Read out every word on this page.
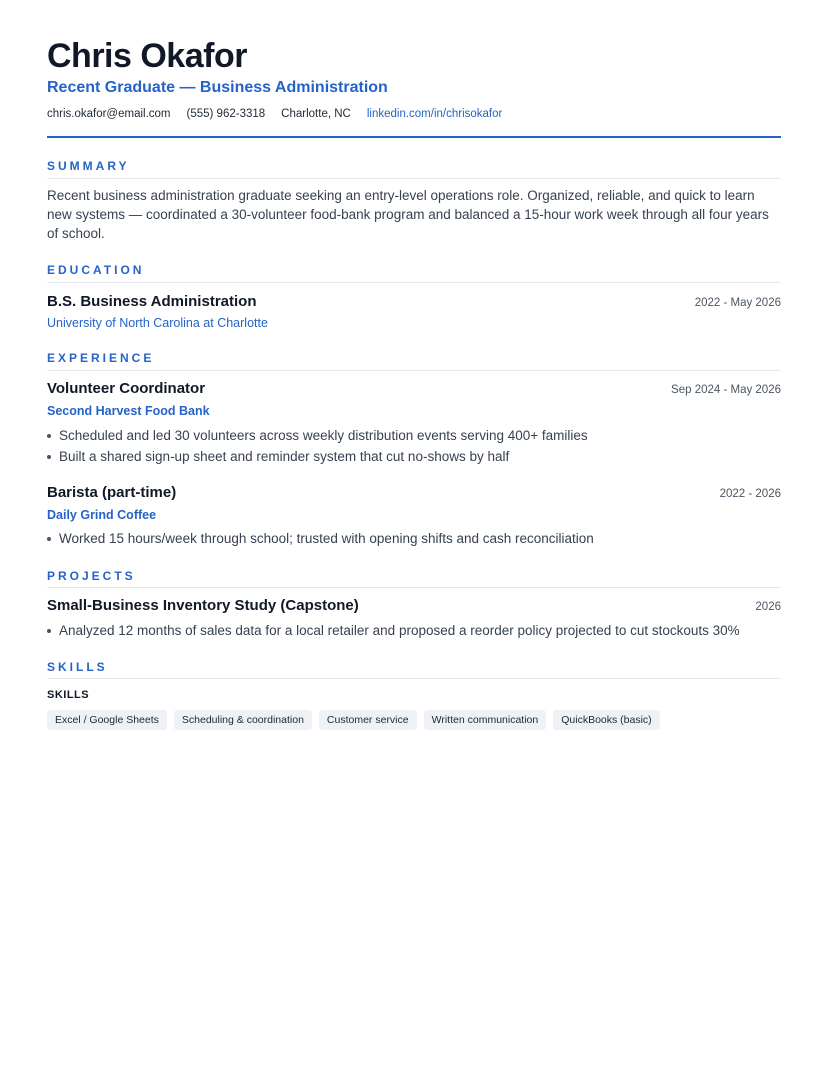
Chris Okafor
Recent Graduate — Business Administration
chris.okafor@email.com (555) 962-3318 Charlotte, NC linkedin.com/in/chrisokafor
SUMMARY
Recent business administration graduate seeking an entry-level operations role. Organized, reliable, and quick to learn new systems — coordinated a 30-volunteer food-bank program and balanced a 15-hour work week through all four years of school.
EDUCATION
B.S. Business Administration	2022 - May 2026
University of North Carolina at Charlotte
EXPERIENCE
Volunteer Coordinator	Sep 2024 - May 2026
Second Harvest Food Bank
Scheduled and led 30 volunteers across weekly distribution events serving 400+ families
Built a shared sign-up sheet and reminder system that cut no-shows by half
Barista (part-time)	2022 - 2026
Daily Grind Coffee
Worked 15 hours/week through school; trusted with opening shifts and cash reconciliation
PROJECTS
Small-Business Inventory Study (Capstone)	2026
Analyzed 12 months of sales data for a local retailer and proposed a reorder policy projected to cut stockouts 30%
SKILLS
SKILLS
Excel / Google Sheets	Scheduling & coordination	Customer service	Written communication	QuickBooks (basic)
